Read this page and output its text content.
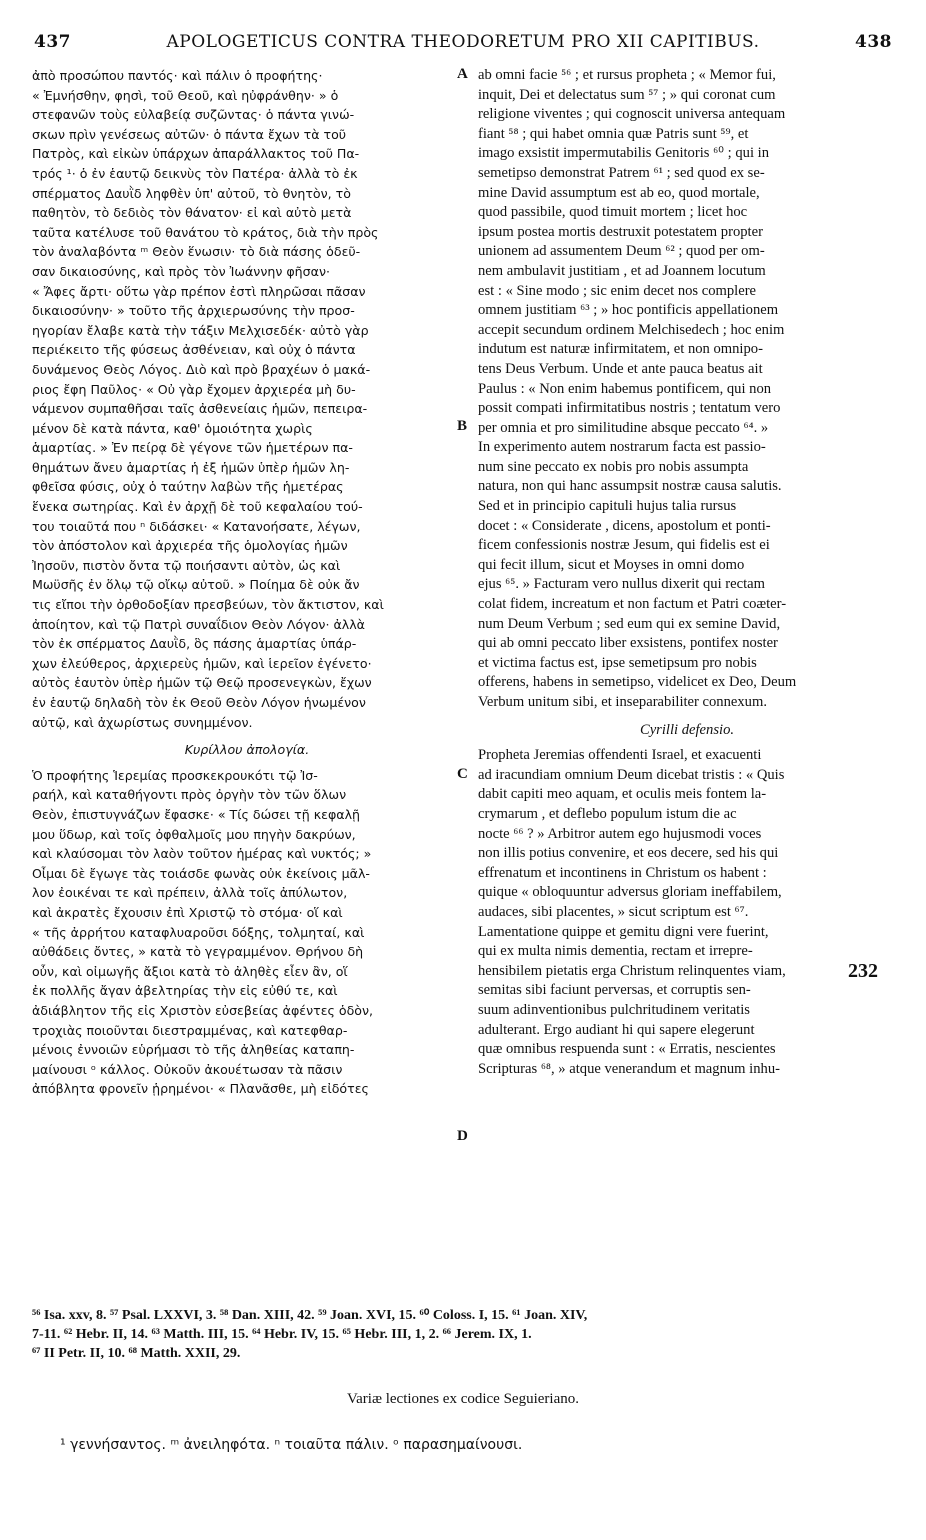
437	APOLOGETICUS CONTRA THEODORETUM PRO XII CAPITIBUS.	438
ἀπὸ προσώπου παντός· καὶ πάλιν ὁ προφήτης·
« Ἐμνήσθην, φησὶ, τοῦ Θεοῦ, καὶ ηὐφράνθην· » ὁ
στεφανῶν τοὺς εὐλαβείᾳ συζῶντας· ὁ πάντα γινώ-
σκων πρὶν γενέσεως αὐτῶν· ὁ πάντα ἔχων τὰ τοῦ
Πατρὸς, καὶ εἰκὼν ὑπάρχων ἀπαράλλακτος τοῦ Πα-
τρός ¹· ὁ ἐν ἑαυτῷ δεικνὺς τὸν Πατέρα· ἀλλὰ τὸ ἐκ
σπέρματος Δαυῒδ ληφθὲν ὑπ' αὐτοῦ, τὸ θνητὸν, τὸ
παθητὸν, τὸ δεδιὸς τὸν θάνατον· εἰ καὶ αὐτὸ μετὰ
ταῦτα κατέλυσε τοῦ θανάτου τὸ κράτος, διὰ τὴν πρὸς
τὸν ἀναλαβόντα ᵐ Θεὸν ἕνωσιν· τὸ διὰ πάσης ὁδεῦ-
σαν δικαιοσύνης, καὶ πρὸς τὸν Ἰωάννην φῆσαν·
« Ἄφες ἄρτι· οὕτω γὰρ πρέπον ἐστὶ πληρῶσαι πᾶσαν
δικαιοσύνην· » τοῦτο τῆς ἀρχιερωσύνης τὴν προσ-
ηγορίαν ἔλαβε κατὰ τὴν τάξιν Μελχισεδέκ· αὐτὸ γὰρ
περιέκειτο τῆς φύσεως ἀσθένειαν, καὶ οὐχ ὁ πάντα
δυνάμενος Θεὸς Λόγος. Διὸ καὶ πρὸ βραχέων ὁ μακά-
ριος ἔφη Παῦλος· « Οὐ γὰρ ἔχομεν ἀρχιερέα μὴ δυ-
νάμενον συμπαθῆσαι ταῖς ἀσθενείαις ἡμῶν, πεπειρα-
μένον δὲ κατὰ πάντα, καθ' ὁμοιότητα χωρὶς
ἁμαρτίας. » Ἐν πείρᾳ δὲ γέγονε τῶν ἡμετέρων πα-
θημάτων ἄνευ ἁμαρτίας ἡ ἐξ ἡμῶν ὑπὲρ ἡμῶν λη-
φθεῖσα φύσις, οὐχ ὁ ταύτην λαβὼν τῆς ἡμετέρας
ἕνεκα σωτηρίας. Καὶ ἐν ἀρχῇ δὲ τοῦ κεφαλαίου τού-
του τοιαῦτά που ⁿ διδάσκει· « Κατανοήσατε, λέγων,
τὸν ἀπόστολον καὶ ἀρχιερέα τῆς ὁμολογίας ἡμῶν
Ἰησοῦν, πιστὸν ὄντα τῷ ποιήσαντι αὐτὸν, ὡς καὶ
Μωϋσῆς ἐν ὅλῳ τῷ οἴκῳ αὐτοῦ. » Ποίημα δὲ οὐκ ἄν
τις εἴποι τὴν ὀρθοδοξίαν πρεσβεύων, τὸν ἄκτιστον, καὶ
ἀποίητον, καὶ τῷ Πατρὶ συναΐδιον Θεὸν Λόγον· ἀλλὰ
τὸν ἐκ σπέρματος Δαυῒδ, ὃς πάσης ἁμαρτίας ὑπάρ-
χων ἐλεύθερος, ἀρχιερεὺς ἡμῶν, καὶ ἱερεῖον ἐγένετο·
αὐτὸς ἑαυτὸν ὑπὲρ ἡμῶν τῷ Θεῷ προσενεγκὼν, ἔχων
ἐν ἑαυτῷ δηλαδὴ τὸν ἐκ Θεοῦ Θεὸν Λόγον ἡνωμένον
αὐτῷ, καὶ ἀχωρίστως συνημμένον.
Κυρίλλου ἀπολογία.
Ὁ προφήτης Ἱερεμίας προσκεκρουκότι τῷ Ἰσ-
ραήλ, καὶ καταθήγοντι πρὸς ὀργὴν τὸν τῶν ὅλων
Θεὸν, ἐπιστυγνάζων ἔφασκε· « Τίς δώσει τῇ κεφαλῇ
μου ὕδωρ, καὶ τοῖς ὀφθαλμοῖς μου πηγὴν δακρύων,
καὶ κλαύσομαι τὸν λαὸν τοῦτον ἡμέρας καὶ νυκτός; »
Οἶμαι δὲ ἔγωγε τὰς τοιάσδε φωνὰς οὐκ ἐκείνοις μᾶλ-
λον ἐοικέναι τε καὶ πρέπειν, ἀλλὰ τοῖς ἀπύλωτον,
καὶ ἀκρατὲς ἔχουσιν ἐπὶ Χριστῷ τὸ στόμα· οἵ καὶ
« τῆς ἀρρήτου καταφλυαροῦσι δόξης, τολμηταί, καὶ
αὐθάδεις ὄντες, » κατὰ τὸ γεγραμμένον. Θρήνου δὴ
οὖν, καὶ οἰμωγῆς ἄξιοι κατὰ τὸ ἀληθὲς εἶεν ἂν, οἵ
ἐκ πολλῆς ἄγαν ἀβελτηρίας τὴν εἰς εὐθύ τε, καὶ
ἀδιάβλητον τῆς εἰς Χριστὸν εὐσεβείας ἀφέντες ὁδὸν,
τροχιὰς ποιοῦνται διεστραμμένας, καὶ κατεφθαρ-
μένοις ἐννοιῶν εὑρήμασι τὸ τῆς ἀληθείας καταπη-
μαίνουσι ᵒ κάλλος. Οὐκοῦν ἀκουέτωσαν τὰ πᾶσιν
ἀπόβλητα φρονεῖν ᾑρημένοι· « Πλανᾶσθε, μὴ εἰδότες
ab omni facie ⁵⁶ ; et rursus propheta ; « Memor fui,
inquit, Dei et delectatus sum ⁵⁷ ; » qui coronat cum
religione viventes ; qui cognoscit universa antequam
fiant ⁵⁸ ; qui habet omnia quæ Patris sunt ⁵⁹, et
imago exsistit impermutabilis Genitoris ⁶⁰ ; qui in
semetipso demonstrat Patrem ⁶¹ ; sed quod ex se-
mine David assumptum est ab eo, quod mortale,
quod passibile, quod timuit mortem ; licet hoc
ipsum postea mortis destruxit potestatem propter
unionem ad assumentem Deum ⁶² ; quod per om-
nem ambulavit justitiam , et ad Joannem locutum
est : « Sine modo ; sic enim decet nos complere
omnem justitiam ⁶³ ; » hoc pontificis appellationem
accepit secundum ordinem Melchisedech ; hoc enim
indutum est naturæ infirmitatem, et non omnipo-
tens Deus Verbum. Unde et ante pauca beatus ait
Paulus : « Non enim habemus pontificem, qui non
possit compati infirmitatibus nostris ; tentatum vero
per omnia et pro similitudine absque peccato ⁶⁴. »
In experimento autem nostrarum facta est passio-
num sine peccato ex nobis pro nobis assumpta
natura, non qui hanc assumpsit nostræ causa salutis.
Sed et in principio capituli hujus talia rursus
docet : « Considerate , dicens, apostolum et ponti-
ficem confessionis nostræ Jesum, qui fidelis est ei
qui fecit illum, sicut et Moyses in omni domo
ejus ⁶⁵. » Facturam vero nullus dixerit qui rectam
colat fidem, increatum et non factum et Patri coæter-
num Deum Verbum ; sed eum qui ex semine David,
qui ab omni peccato liber exsistens, pontifex noster
et victima factus est, ipse semetipsum pro nobis
offerens, habens in semetipso, videlicet ex Deo, Deum
Verbum unitum sibi, et inseparabiliter connexum.
Cyrilli defensio.
Propheta Jeremias offendenti Israel, et exacuenti
ad iracundiam omnium Deum dicebat tristis : « Quis
dabit capiti meo aquam, et oculis meis fontem la-
crymarum , et deflebo populum istum die ac
nocte ⁶⁶ ? » Arbitror autem ego hujusmodi voces
non illis potius convenire, et eos decere, sed his qui
effrenatum et incontinens in Christum os habent :
quique « obloquuntur adversus gloriam ineffabilem,
audaces, sibi placentes, » sicut scriptum est ⁶⁷.
Lamentatione quippe et gemitu digni vere fuerint,
qui ex multa nimis dementia, rectam et irrepre-
hensibilem pietatis erga Christum relinquentes viam,
semitas sibi faciunt perversas, et corruptis sen-
suum adinventionibus pulchritudinem veritatis
adulterant. Ergo audiant hi qui sapere elegerunt
quæ omnibus respuenda sunt : « Erratis, nescientes
Scripturas ⁶⁸, » atque venerandum et magnum inhu-
A
B
C
D
232
⁵⁶ Isa. xxv, 8. ⁵⁷ Psal. LXXVI, 3. ⁵⁸ Dan. XIII, 42. ⁵⁹ Joan. XVI, 15. ⁶⁰ Coloss. I, 15. ⁶¹ Joan. XIV,
7-11. ⁶² Hebr. II, 14. ⁶³ Matth. III, 15. ⁶⁴ Hebr. IV, 15. ⁶⁵ Hebr. III, 1, 2. ⁶⁶ Jerem. IX, 1.
⁶⁷ II Petr. II, 10. ⁶⁸ Matth. XXII, 29.
Variæ lectiones ex codice Seguieriano.
¹ γεννήσαντος. ᵐ ἀνειληφότα. ⁿ τοιαῦτα πάλιν. ᵒ παρασημαίνουσι.
